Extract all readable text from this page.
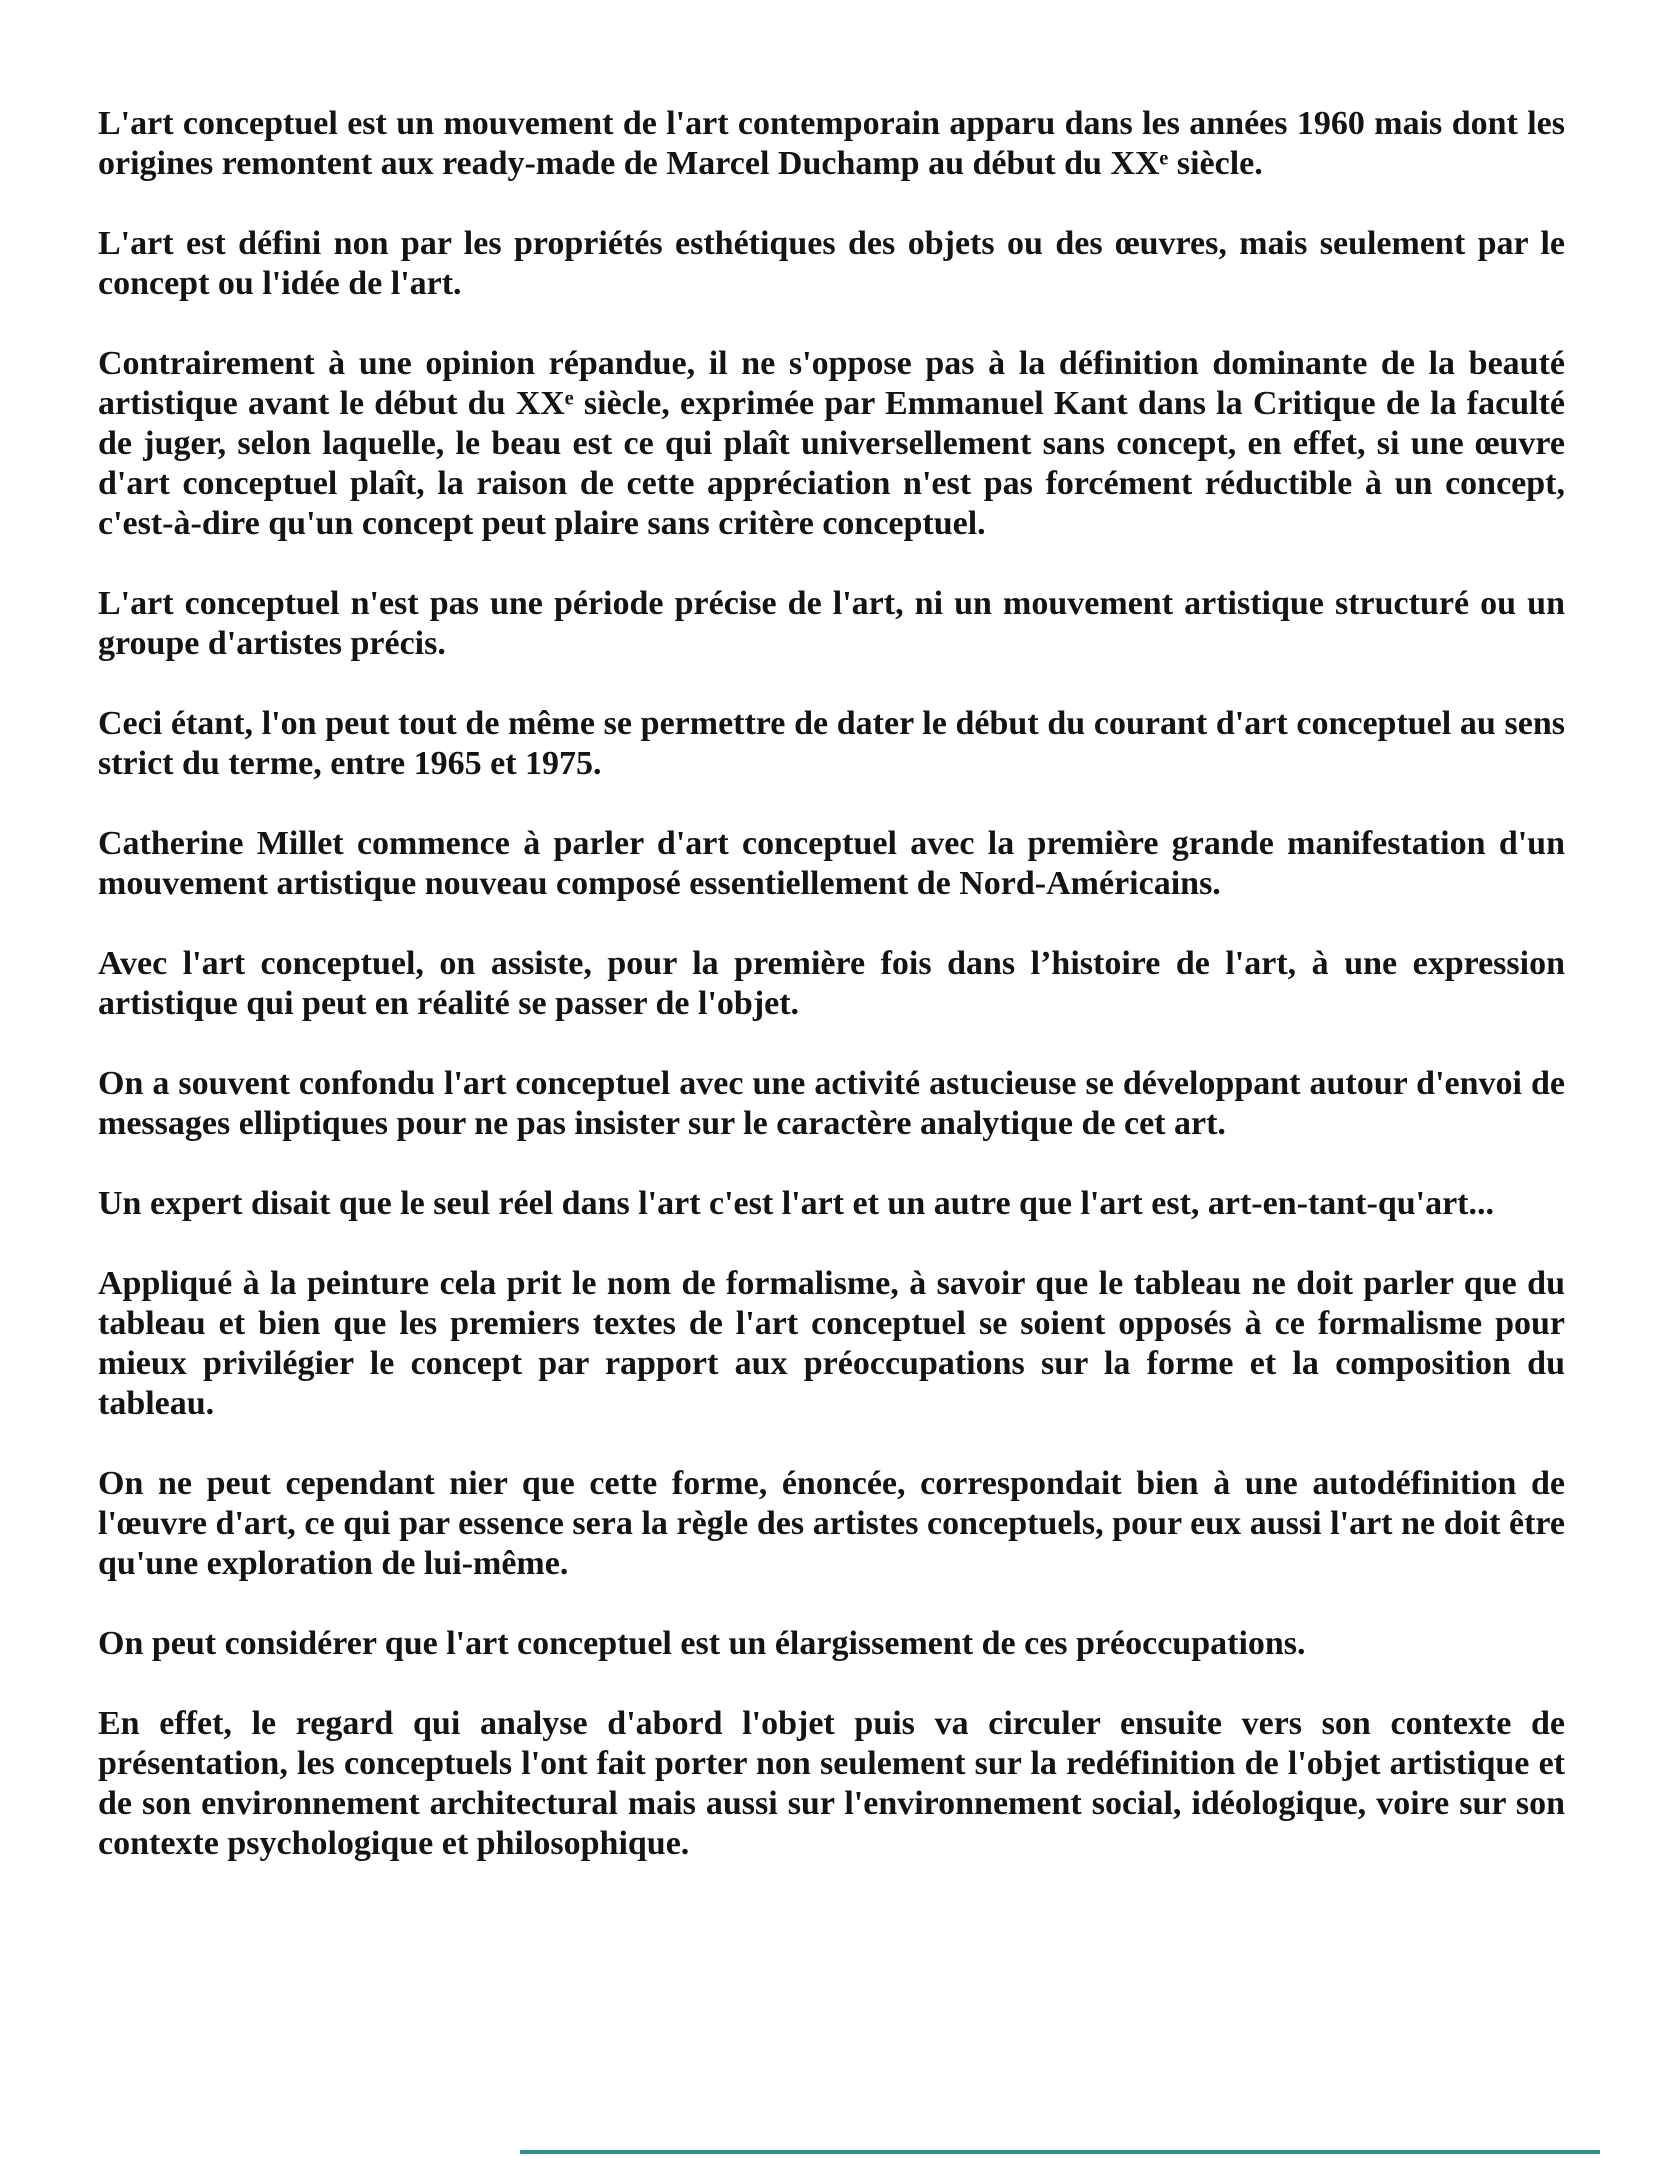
L'art conceptuel est un mouvement de l'art contemporain apparu dans les années 1960 mais dont les origines remontent aux ready-made de Marcel Duchamp au début du XXᵉ siècle.

L'art est défini non par les propriétés esthétiques des objets ou des œuvres, mais seulement par le concept ou l'idée de l'art.

Contrairement à une opinion répandue, il ne s'oppose pas à la définition dominante de la beauté artistique avant le début du XXᵉ siècle, exprimée par Emmanuel Kant dans la Critique de la faculté de juger, selon laquelle, le beau est ce qui plaît universellement sans concept, en effet, si une œuvre d'art conceptuel plaît, la raison de cette appréciation n'est pas forcément réductible à un concept, c'est-à-dire qu'un concept peut plaire sans critère conceptuel.

L'art conceptuel n'est pas une période précise de l'art, ni un mouvement artistique structuré ou un groupe d'artistes précis.

Ceci étant, l'on peut tout de même se permettre de dater le début du courant d'art conceptuel au sens strict du terme, entre 1965 et 1975.

Catherine Millet commence à parler d'art conceptuel avec la première grande manifestation d'un mouvement artistique nouveau composé essentiellement de Nord-Américains.

Avec l'art conceptuel, on assiste, pour la première fois dans l’histoire de l'art, à une expression artistique qui peut en réalité se passer de l'objet.

On a souvent confondu l'art conceptuel avec une activité astucieuse se développant autour d'envoi de messages elliptiques pour ne pas insister sur le caractère analytique de cet art.

Un expert disait que le seul réel dans l'art c'est l'art et un autre que l'art est, art-en-tant-qu'art...

Appliqué à la peinture cela prit le nom de formalisme, à savoir que le tableau ne doit parler que du tableau et bien que les premiers textes de l'art conceptuel se soient opposés à ce formalisme pour mieux privilégier le concept par rapport aux préoccupations sur la forme et la composition du tableau.

On ne peut cependant nier que cette forme, énoncée, correspondait bien à une autodéfinition de l'œuvre d'art, ce qui par essence sera la règle des artistes conceptuels, pour eux aussi l'art ne doit être qu'une exploration de lui-même.

On peut considérer que l'art conceptuel est un élargissement de ces préoccupations.

En effet, le regard qui analyse d'abord l'objet puis va circuler ensuite vers son contexte de présentation, les conceptuels l'ont fait porter non seulement sur la redéfinition de l'objet artistique et de son environnement architectural mais aussi sur l'environnement social, idéologique, voire sur son contexte psychologique et philosophique.
